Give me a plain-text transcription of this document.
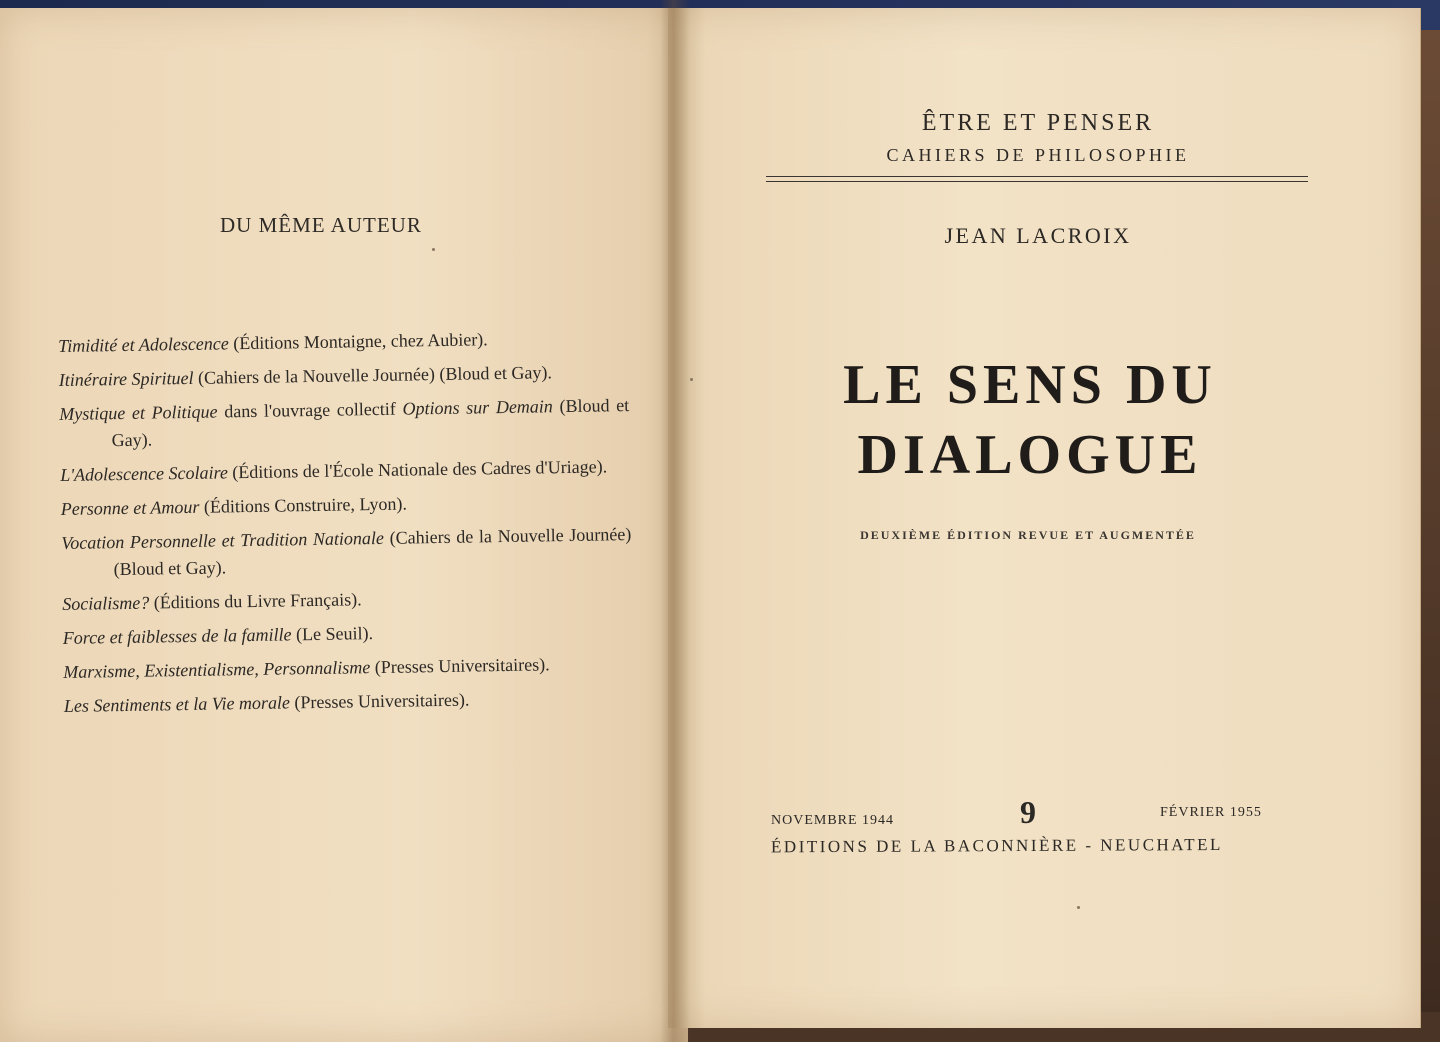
DU MÊME AUTEUR
Timidité et Adolescence (Éditions Montaigne, chez Aubier).
Itinéraire Spirituel (Cahiers de la Nouvelle Journée) (Bloud et Gay).
Mystique et Politique dans l'ouvrage collectif Options sur Demain (Bloud et Gay).
L'Adolescence Scolaire (Éditions de l'École Nationale des Cadres d'Uriage).
Personne et Amour (Éditions Construire, Lyon).
Vocation Personnelle et Tradition Nationale (Cahiers de la Nouvelle Journée) (Bloud et Gay).
Socialisme? (Éditions du Livre Français).
Force et faiblesses de la famille (Le Seuil).
Marxisme, Existentialisme, Personnalisme (Presses Universitaires).
Les Sentiments et la Vie morale (Presses Universitaires).
ÊTRE ET PENSER
CAHIERS DE PHILOSOPHIE
JEAN LACROIX
LE SENS DU
DIALOGUE
DEUXIÈME ÉDITION REVUE ET AUGMENTÉE
NOVEMBRE 1944	9	FÉVRIER 1955
ÉDITIONS DE LA BACONNIÈRE - NEUCHATEL
